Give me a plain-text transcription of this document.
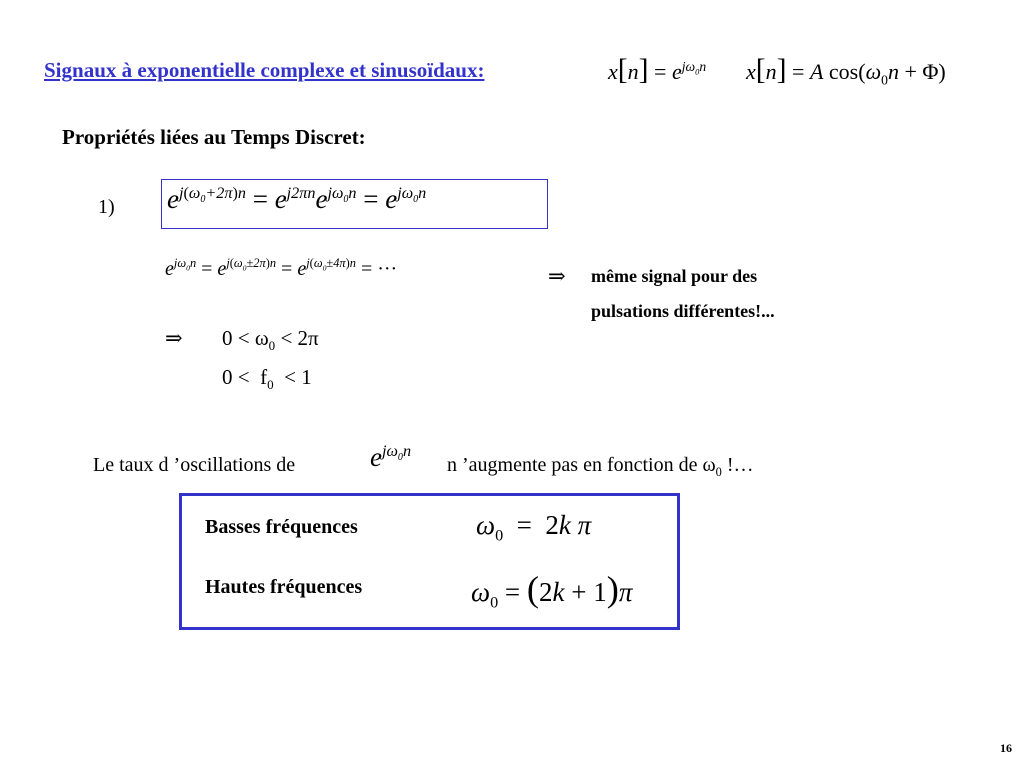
Signaux à exponentielle complexe et sinusoïdaux:	$x[n] = e^{j\omega_0n}$ x[n] = A $\cos(\omega_0n + \Phi)$
Propriétés liées au Temps Discret:
1) $e^{j(\omega_0+2\pi)n} = e^{j2\pi n}e^{j\omega_0n} = e^{j\omega_0n}$
$e^{j\omega_0n} = e^{j(\omega_0\pm 2\pi)n} = e^{j(\omega_0\pm 4\pi)n}$ = ···	⇒ même signal pour des
pulsations différentes!...
⇒ $0 < \omega_0 < 2\pi$
$0 < f_0 < 1$
Le taux d ’oscillations de	$e^{j\omega_0n}$
n ’augmente pas en fonction de $\omega_0$ !…
Basses fréquences	$\omega_0 = 2k$ π
Hautes fréquences	$\omega_0 = (2k + 1)\pi$
16
